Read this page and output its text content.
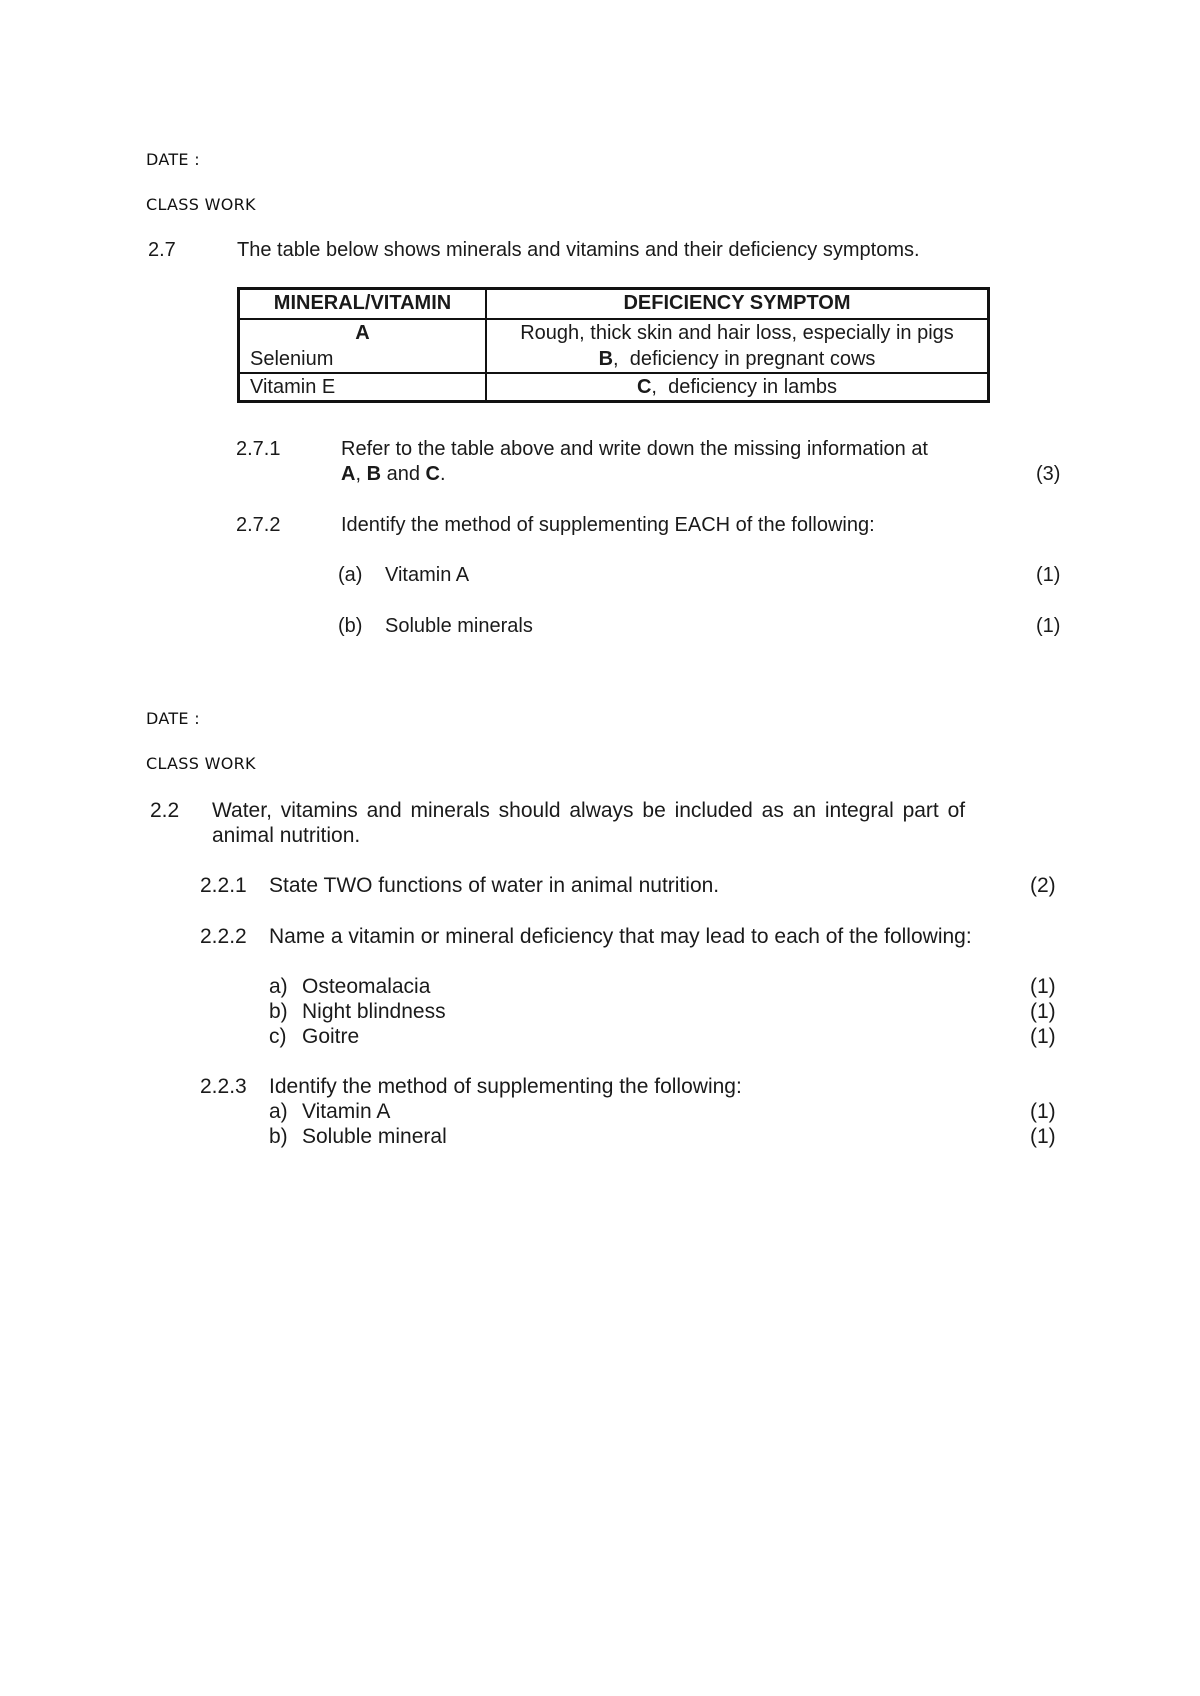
DATE :
CLASS WORK
2.7	The table below shows minerals and vitamins and their deficiency symptoms.
MINERAL/VITAMIN	DEFICIENCY SYMPTOM
A	Rough, thick skin and hair loss, especially in pigs
Selenium	B,  deficiency in pregnant cows
Vitamin E	C,  deficiency in lambs
2.7.1	Refer to the table above and write down the missing information at
A, B and C.	(3)
2.7.2	Identify the method of supplementing EACH of the following:
(a) Vitamin A	(1)
(b) Soluble minerals	(1)
DATE :
CLASS WORK
2.2 Water, vitamins and minerals should always be included as an integral part of
animal nutrition.
2.2.1 State TWO functions of water in animal nutrition.	(2)
2.2.2 Name a vitamin or mineral deficiency that may lead to each of the following:
a) Osteomalacia	(1)
b) Night blindness	(1)
c) Goitre	(1)
2.2.3 Identify the method of supplementing the following:
a) Vitamin A	(1)
b) Soluble mineral	(1)
